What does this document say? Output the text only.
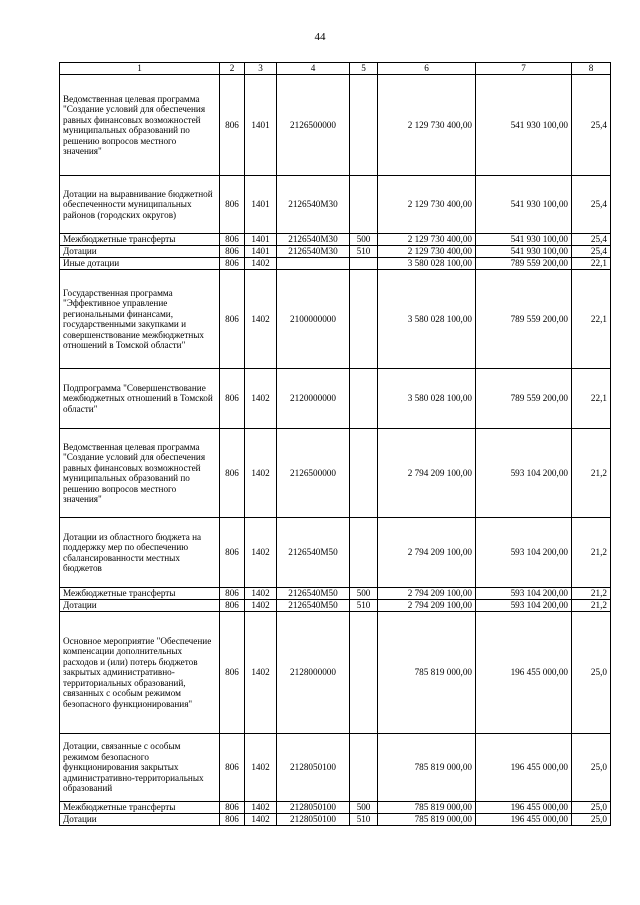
44
1	2	3	4	5	6	7	8
Ведомственная целевая программа "Создание условий для обеспечения равных финансовых возможностей муниципальных образований по решению вопросов местного значения"	806	1401	2126500000		2 129 730 400,00	541 930 100,00	25,4
Дотации на выравнивание бюджетной обеспеченности муниципальных районов (городских округов)	806	1401	2126540М30		2 129 730 400,00	541 930 100,00	25,4
Межбюджетные трансферты	806	1401	2126540М30	500	2 129 730 400,00	541 930 100,00	25,4
Дотации	806	1401	2126540М30	510	2 129 730 400,00	541 930 100,00	25,4
Иные дотации	806	1402			3 580 028 100,00	789 559 200,00	22,1
Государственная программа "Эффективное управление региональными финансами, государственными закупками и совершенствование межбюджетных отношений в Томской области"	806	1402	2100000000		3 580 028 100,00	789 559 200,00	22,1
Подпрограмма "Совершенствование межбюджетных отношений в Томской области"	806	1402	2120000000		3 580 028 100,00	789 559 200,00	22,1
Ведомственная целевая программа "Создание условий для обеспечения равных финансовых возможностей муниципальных образований по решению вопросов местного значения"	806	1402	2126500000		2 794 209 100,00	593 104 200,00	21,2
Дотации из областного бюджета на поддержку мер по обеспечению сбалансированности местных бюджетов	806	1402	2126540М50		2 794 209 100,00	593 104 200,00	21,2
Межбюджетные трансферты	806	1402	2126540М50	500	2 794 209 100,00	593 104 200,00	21,2
Дотации	806	1402	2126540М50	510	2 794 209 100,00	593 104 200,00	21,2
Основное мероприятие "Обеспечение компенсации дополнительных расходов и (или) потерь бюджетов закрытых административно-территориальных образований, связанных с особым режимом безопасного функционирования"	806	1402	2128000000		785 819 000,00	196 455 000,00	25,0
Дотации, связанные с особым режимом безопасного функционирования закрытых административно-территориальных образований	806	1402	2128050100		785 819 000,00	196 455 000,00	25,0
Межбюджетные трансферты	806	1402	2128050100	500	785 819 000,00	196 455 000,00	25,0
Дотации	806	1402	2128050100	510	785 819 000,00	196 455 000,00	25,0
